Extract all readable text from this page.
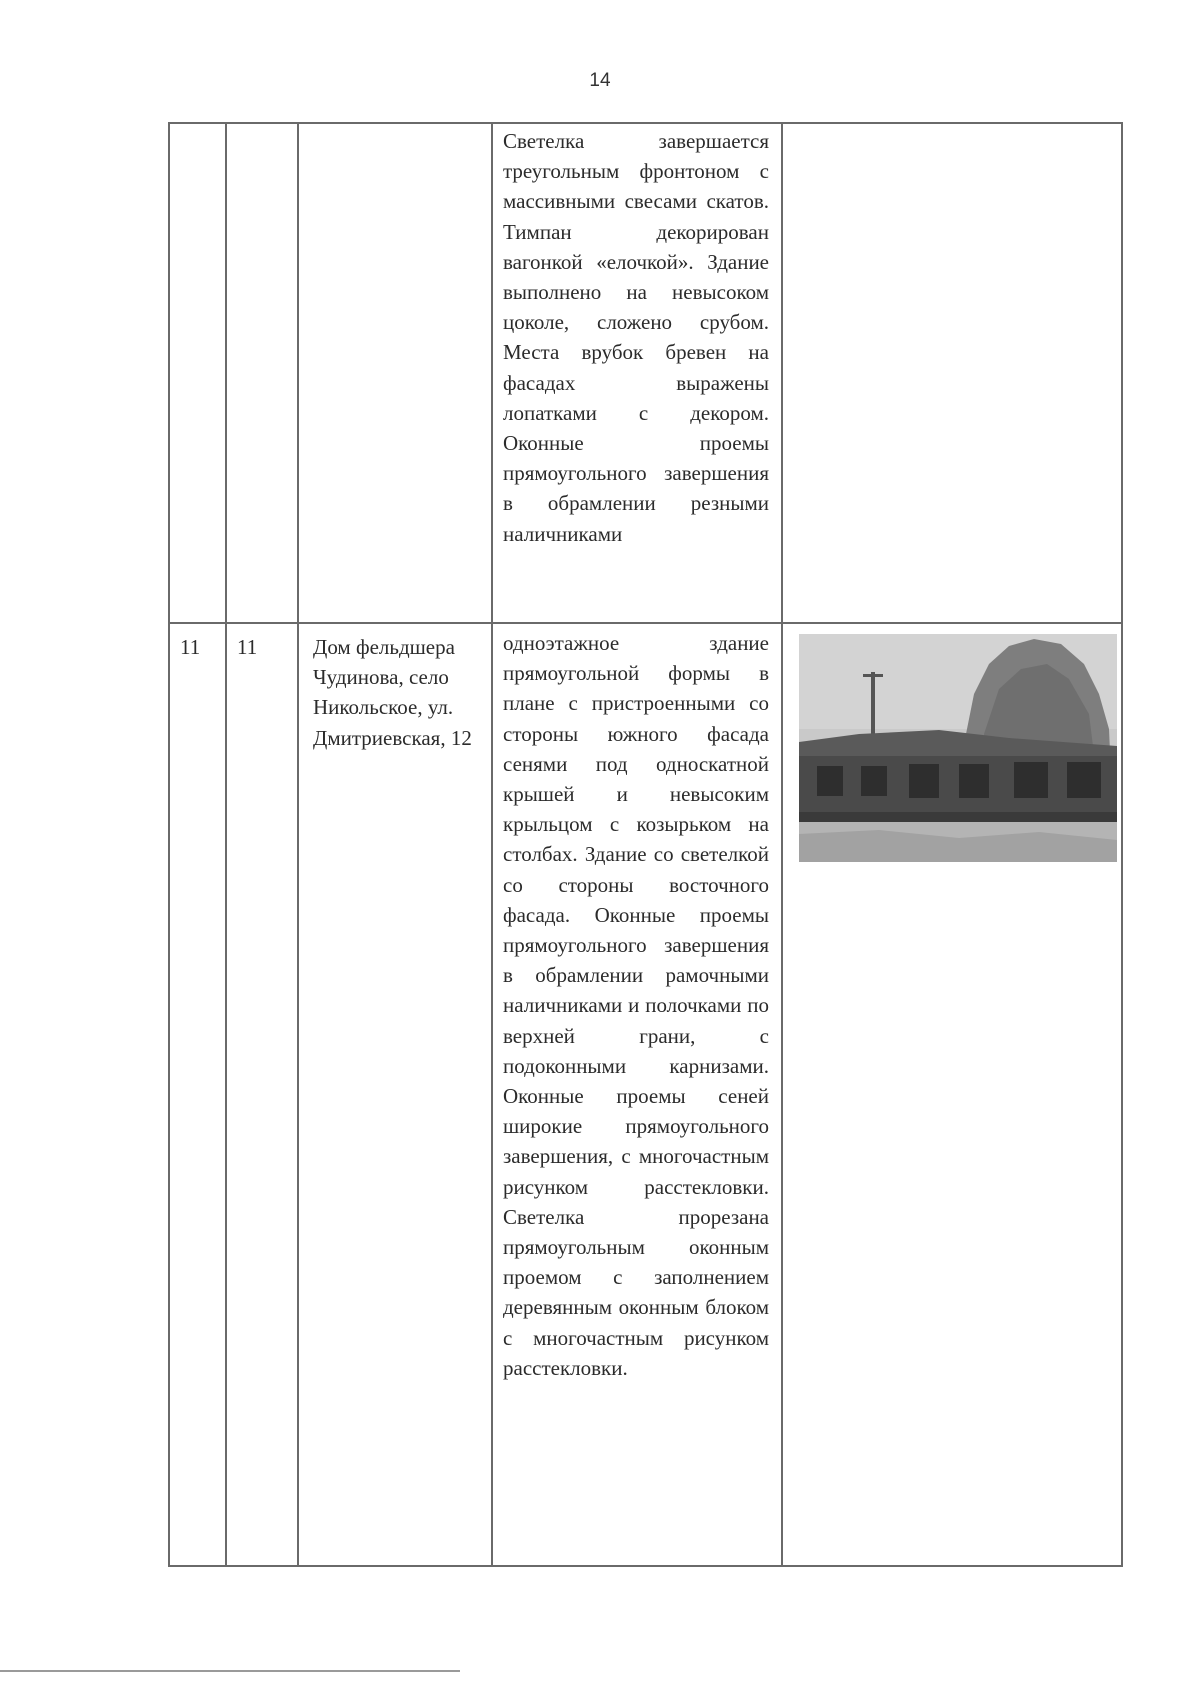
14
			Светелка завершается треугольным фронтоном с массивными свесами скатов. Тимпан декорирован вагонкой «елочкой». Здание выполнено на невысоком цоколе, сложено срубом. Места врубок бревен на фасадах выражены лопатками с декором. Оконные проемы прямоугольного завершения в обрамлении резными наличниками	
11	11	Дом фельдшера Чудинова, село Никольское, ул. Дмитриевская, 12	одноэтажное здание прямоугольной формы в плане с пристроенными со стороны южного фасада сенями под односкатной крышей и невысоким крыльцом с козырьком на столбах. Здание со светелкой со стороны восточного фасада. Оконные проемы прямоугольного завершения в обрамлении рамочными наличниками и полочками по верхней грани, с подоконными карнизами. Оконные проемы сеней широкие прямоугольного завершения, с многочастным рисунком расстекловки. Светелка прорезана прямоугольным оконным проемом с заполнением деревянным оконным блоком с многочастным рисунком расстекловки.	
